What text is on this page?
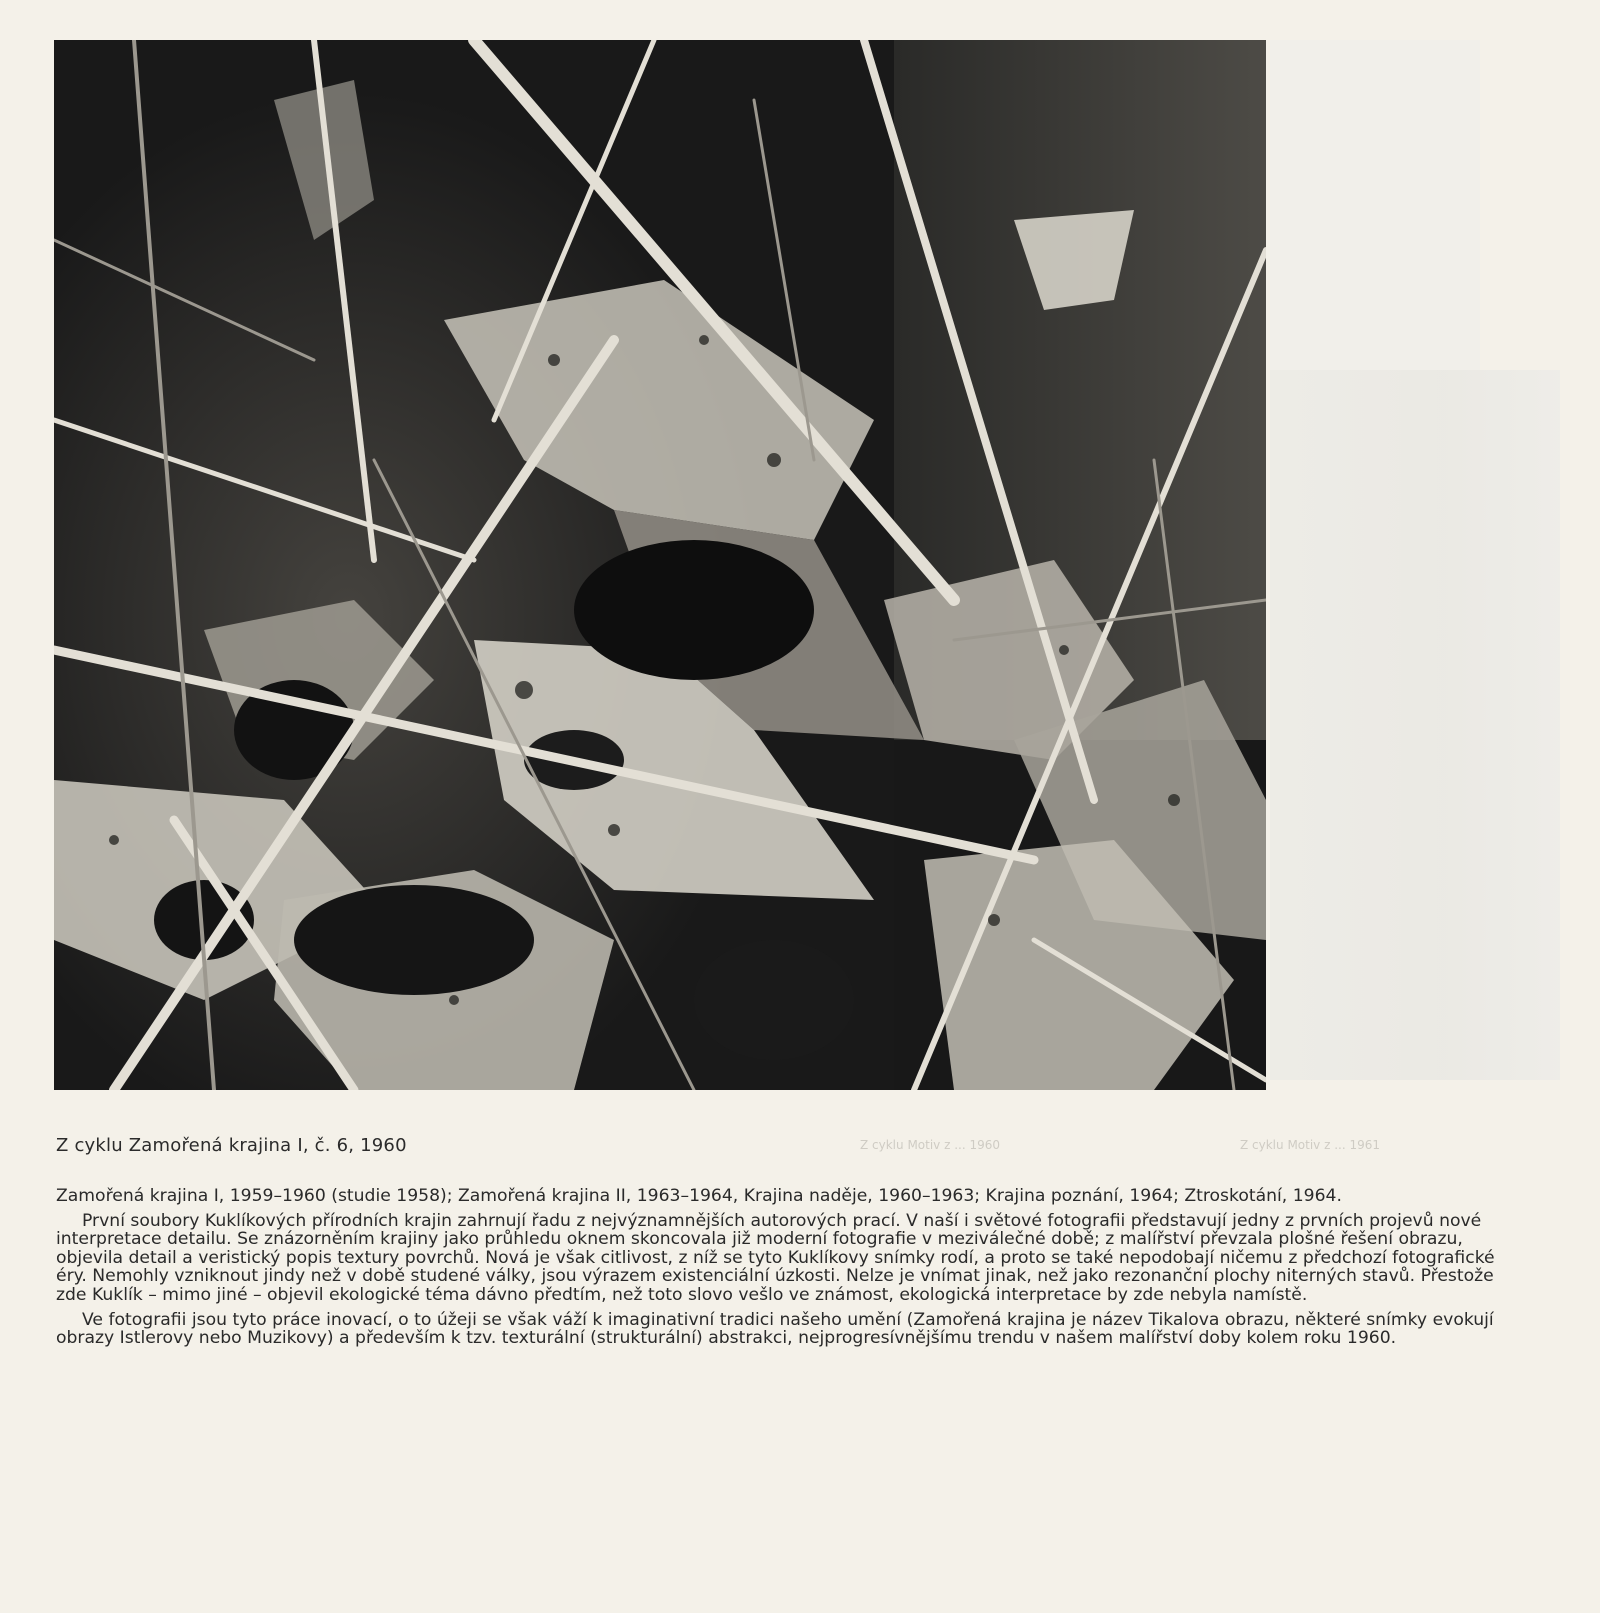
Z cyklu Zamořená krajina I, č. 6, 1960	Z cyklu Motiv z ... 1960	Z cyklu Motiv z ... 1961

Zamořená krajina I, 1959–1960 (studie 1958); Zamořená krajina II, 1963–1964, Krajina naděje, 1960–1963; Krajina poznání, 1964; Ztroskotání, 1964.

První soubory Kuklíkových přírodních krajin zahrnují řadu z nejvýznamnějších autorových prací. V naší i světové fotografii představují jedny z prvních projevů nové interpretace detailu. Se znázorněním krajiny jako průhledu oknem skoncovala již moderní fotografie v meziválečné době; z malířství převzala plošné řešení obrazu, objevila detail a veristický popis textury povrchů. Nová je však citlivost, z níž se tyto Kuklíkovy snímky rodí, a proto se také nepodobají ničemu z předchozí fotografické éry. Nemohly vzniknout jindy než v době studené války, jsou výrazem existenciální úzkosti. Nelze je vnímat jinak, než jako rezonanční plochy niterných stavů. Přestože zde Kuklík – mimo jiné – objevil ekologické téma dávno předtím, než toto slovo vešlo ve známost, ekologická interpretace by zde nebyla namístě.

Ve fotografii jsou tyto práce inovací, o to úžeji se však váží k imaginativní tradici našeho umění (Zamořená krajina je název Tikalova obrazu, některé snímky evokují obrazy Istlerovy nebo Muzikovy) a především k tzv. texturální (strukturální) abstrakci, nejprogresívnějšímu trendu v našem malířství doby kolem roku 1960.
